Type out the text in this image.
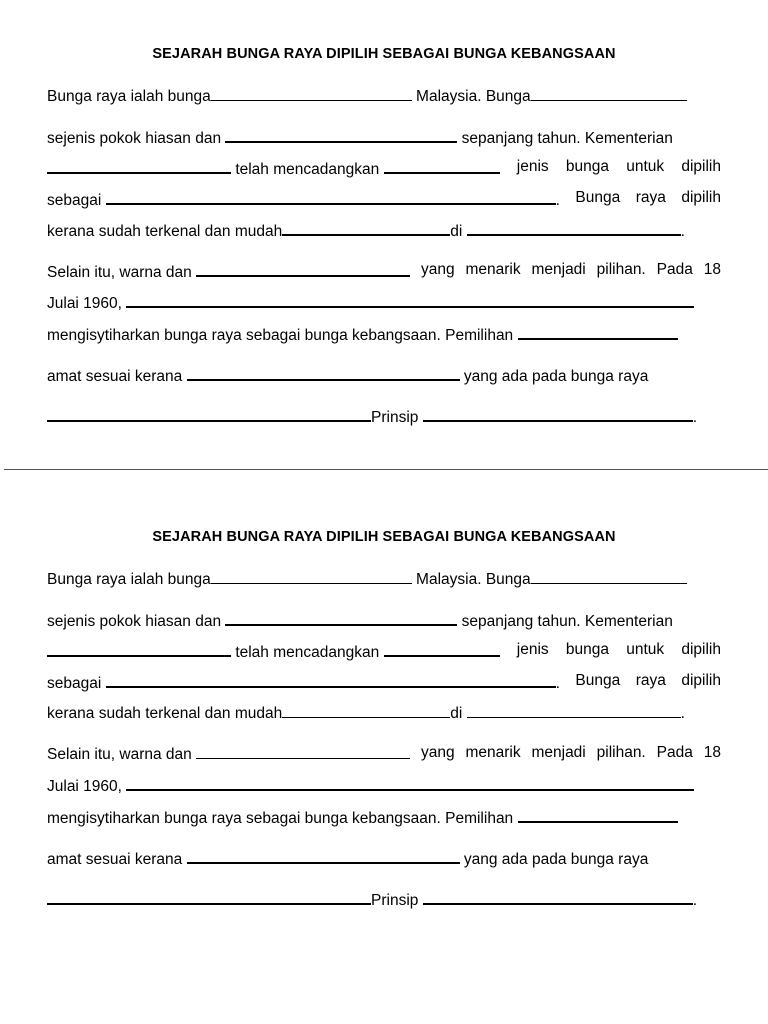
SEJARAH BUNGA RAYA DIPILIH SEBAGAI BUNGA KEBANGSAAN
Bunga raya ialah bunga	Malaysia. Bunga
sejenis pokok hiasan dan	sepanjang tahun. Kementerian
telah mencadangkan	jenis bunga untuk dipilih
sebagai	. Bunga raya dipilih
kerana sudah terkenal dan mudah	di	.
Selain itu, warna dan	yang menarik menjadi pilihan. Pada 18
Julai 1960,
mengisytiharkan bunga raya sebagai bunga kebangsaan. Pemilihan
amat sesuai kerana	yang ada pada bunga raya
Prinsip	.
SEJARAH BUNGA RAYA DIPILIH SEBAGAI BUNGA KEBANGSAAN
Bunga raya ialah bunga	Malaysia. Bunga
sejenis pokok hiasan dan	sepanjang tahun. Kementerian
telah mencadangkan	jenis bunga untuk dipilih
sebagai	. Bunga raya dipilih
kerana sudah terkenal dan mudah	di	.
Selain itu, warna dan	yang menarik menjadi pilihan. Pada 18
Julai 1960,
mengisytiharkan bunga raya sebagai bunga kebangsaan. Pemilihan
amat sesuai kerana	yang ada pada bunga raya
Prinsip	.
